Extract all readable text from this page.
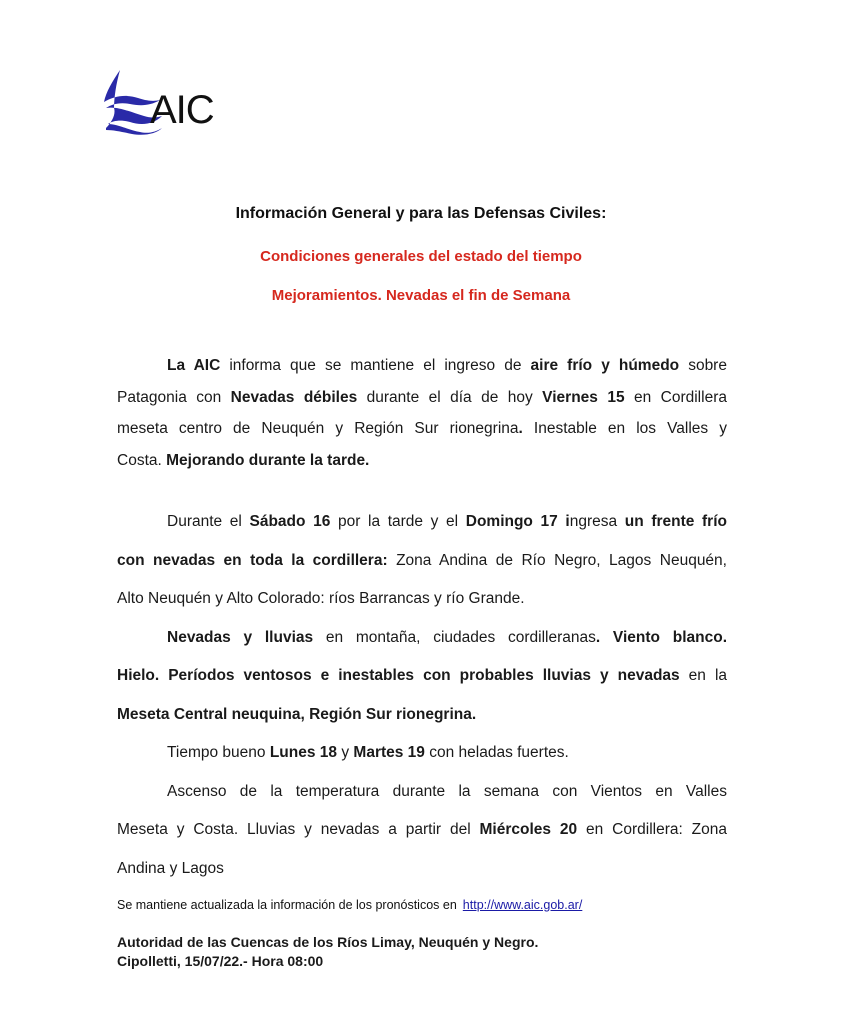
AIC
Información General y para las Defensas Civiles:
Condiciones generales del estado del tiempo
Mejoramientos. Nevadas el fin de Semana
La AIC informa que se mantiene el ingreso de aire frío y húmedo sobre
Patagonia con Nevadas débiles durante el día de hoy Viernes 15 en Cordillera
meseta centro de Neuquén y Región Sur rionegrina. Inestable en los Valles y
Costa. Mejorando durante la tarde.
Durante el Sábado 16 por la tarde y el Domingo 17 ingresa un frente frío
con nevadas en toda la cordillera: Zona Andina de Río Negro, Lagos Neuquén,
Alto Neuquén y Alto Colorado: ríos Barrancas y río Grande.
Nevadas y lluvias en montaña, ciudades cordilleranas. Viento blanco.
Hielo. Períodos ventosos e inestables con probables lluvias y nevadas en la
Meseta Central neuquina, Región Sur rionegrina.
Tiempo bueno Lunes 18 y Martes 19 con heladas fuertes.
Ascenso de la temperatura durante la semana con Vientos en Valles
Meseta y Costa. Lluvias y nevadas a partir del Miércoles 20 en Cordillera: Zona
Andina y Lagos
Se mantiene actualizada la información de los pronósticos en http://www.aic.gob.ar/
Autoridad de las Cuencas de los Ríos Limay, Neuquén y Negro.
Cipolletti, 15/07/22.- Hora 08:00
